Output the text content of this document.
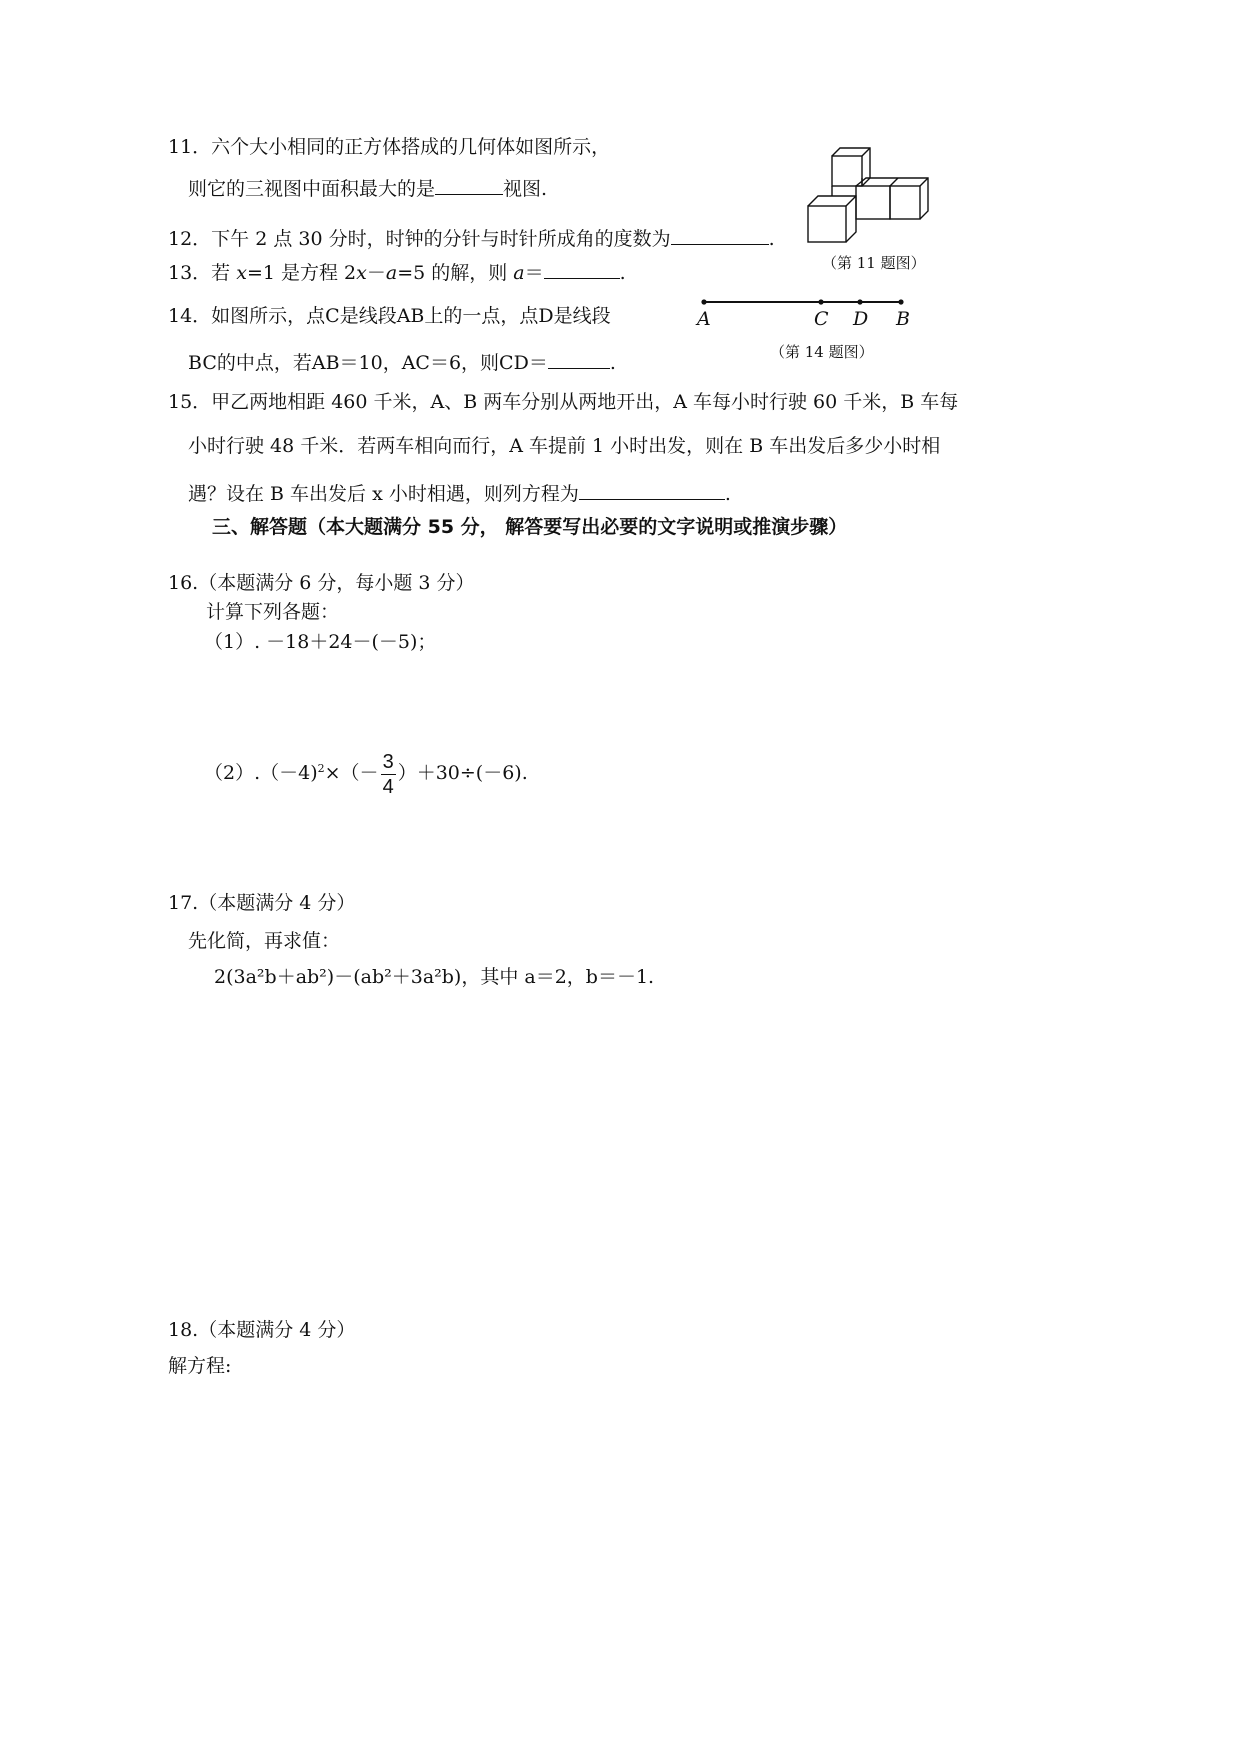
11．六个大小相同的正方体搭成的几何体如图所示，
则它的三视图中面积最大的是	视图.
（第 11 题图）
12．下午 2 点 30 分时，时钟的分针与时针所成角的度数为	.
13．若 x=1 是方程 2x－a=5 的解，则 a＝	.
14．如图所示，点C是线段AB上的一点，点D是线段
BC的中点，若AB＝10，AC＝6，则CD＝	.
A	C D B
（第 14 题图）
15．甲乙两地相距 460 千米，A、B 两车分别从两地开出，A 车每小时行驶 60 千米，B 车每
小时行驶 48 千米．若两车相向而行，A 车提前 1 小时出发，则在 B 车出发后多少小时相
遇？设在 B 车出发后 x 小时相遇，则列方程为	.
三、解答题（本大题满分 55 分， 解答要写出必要的文字说明或推演步骤）
16.（本题满分 6 分，每小题 3 分）
计算下列各题：
（1）. －18＋24－(－5)；
$(2).(-4)^2\times(- \frac{3}{4} )+30\div(-6)$.
17.（本题满分 4 分）
先化简，再求值：
2(3a²b＋ab²)－(ab²＋3a²b)，其中 a＝2，b＝－1.
18.（本题满分 4 分）
解方程:
